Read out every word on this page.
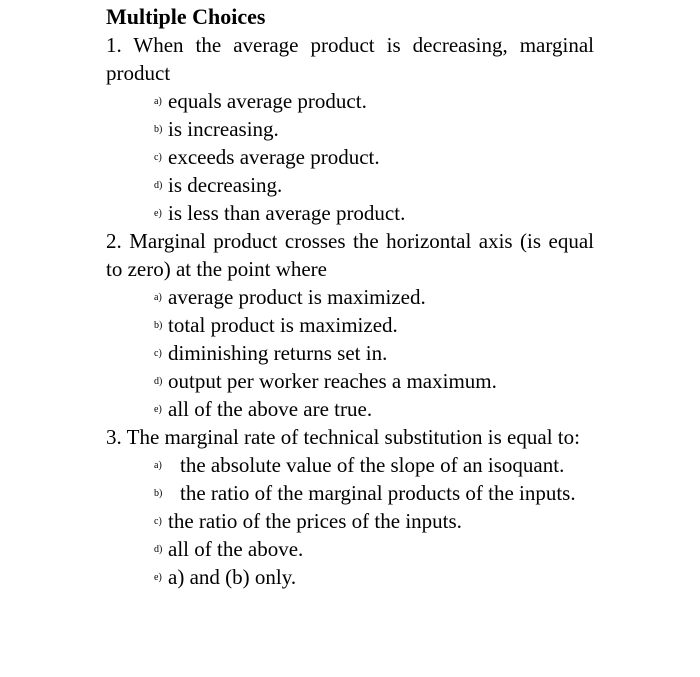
Multiple Choices

1. When the average product is decreasing, marginal product

a) equals average product.
b) is increasing.
c) exceeds average product.
d) is decreasing.
e) is less than average product.

2. Marginal product crosses the horizontal axis (is equal to zero) at the point where

a) average product is maximized.
b) total product is maximized.
c) diminishing returns set in.
d) output per worker reaches a maximum.
e) all of the above are true.

3. The marginal rate of technical substitution is equal to:

a) the absolute value of the slope of an isoquant.
b) the ratio of the marginal products of the inputs.
c) the ratio of the prices of the inputs.
d) all of the above.
e) a) and (b) only.
